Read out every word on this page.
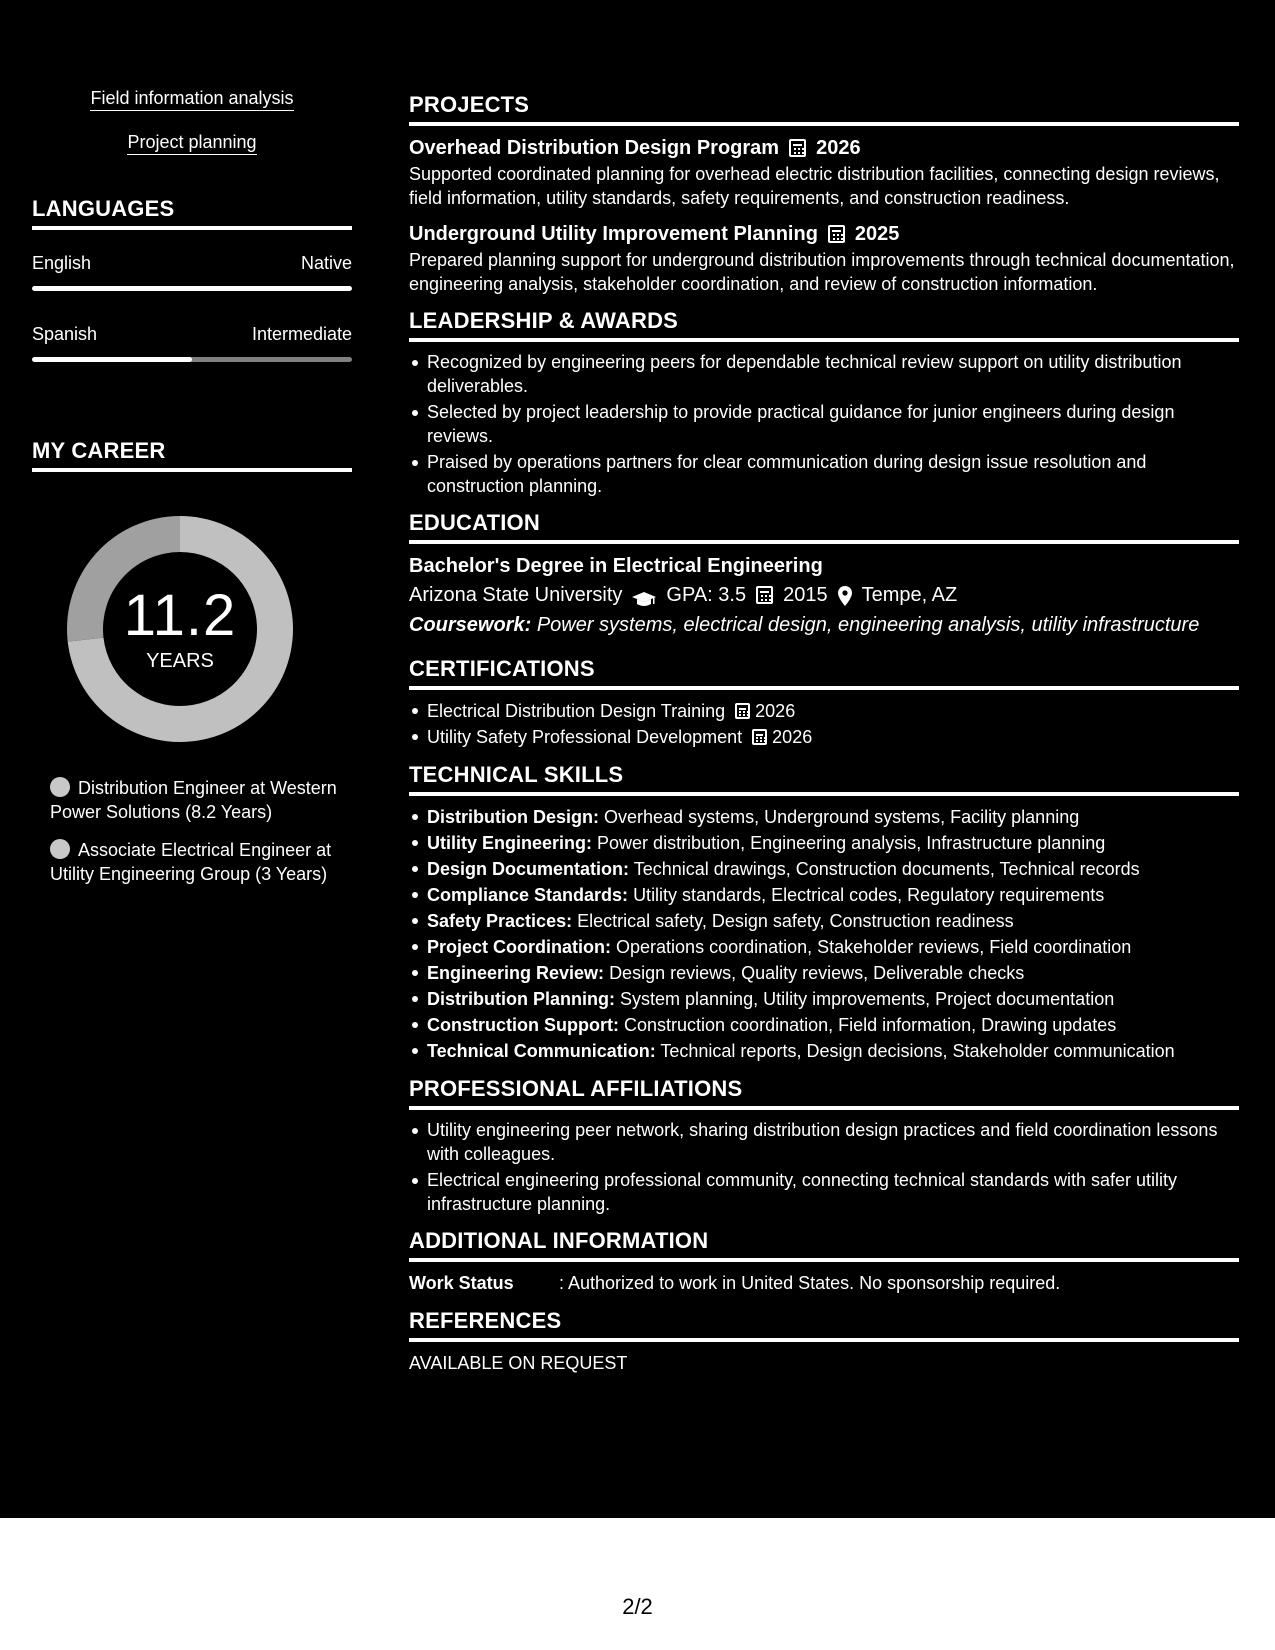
Field information analysis
Project planning
LANGUAGES
English	Native
Spanish	Intermediate
MY CAREER
11.2
YEARS
Distribution Engineer at Western Power Solutions (8.2 Years)
Associate Electrical Engineer at Utility Engineering Group (3 Years)
PROJECTS
Overhead Distribution Design Program 2026
Supported coordinated planning for overhead electric distribution facilities, connecting design reviews, field information, utility standards, safety requirements, and construction readiness.
Underground Utility Improvement Planning 2025
Prepared planning support for underground distribution improvements through technical documentation, engineering analysis, stakeholder coordination, and review of construction information.
LEADERSHIP & AWARDS
Recognized by engineering peers for dependable technical review support on utility distribution deliverables.
Selected by project leadership to provide practical guidance for junior engineers during design reviews.
Praised by operations partners for clear communication during design issue resolution and construction planning.
EDUCATION
Bachelor's Degree in Electrical Engineering
Arizona State University GPA: 3.5 2015 Tempe, AZ
Coursework: Power systems, electrical design, engineering analysis, utility infrastructure
CERTIFICATIONS
Electrical Distribution Design Training 2026
Utility Safety Professional Development 2026
TECHNICAL SKILLS
Distribution Design: Overhead systems, Underground systems, Facility planning
Utility Engineering: Power distribution, Engineering analysis, Infrastructure planning
Design Documentation: Technical drawings, Construction documents, Technical records
Compliance Standards: Utility standards, Electrical codes, Regulatory requirements
Safety Practices: Electrical safety, Design safety, Construction readiness
Project Coordination: Operations coordination, Stakeholder reviews, Field coordination
Engineering Review: Design reviews, Quality reviews, Deliverable checks
Distribution Planning: System planning, Utility improvements, Project documentation
Construction Support: Construction coordination, Field information, Drawing updates
Technical Communication: Technical reports, Design decisions, Stakeholder communication
PROFESSIONAL AFFILIATIONS
Utility engineering peer network, sharing distribution design practices and field coordination lessons with colleagues.
Electrical engineering professional community, connecting technical standards with safer utility infrastructure planning.
ADDITIONAL INFORMATION
Work Status	: Authorized to work in United States. No sponsorship required.
REFERENCES
AVAILABLE ON REQUEST
2/2
